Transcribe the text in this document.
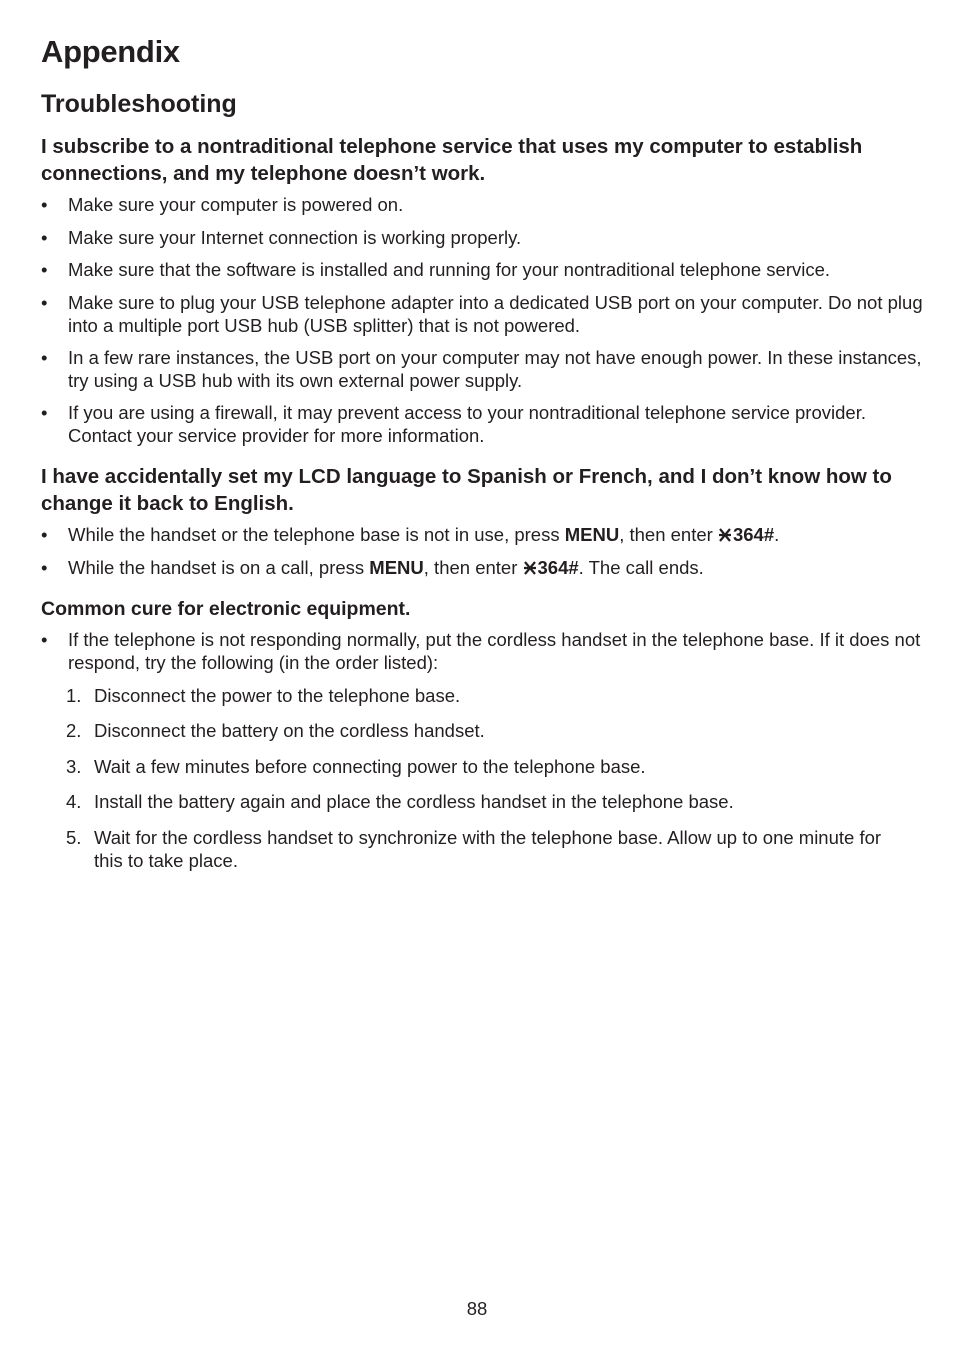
Appendix
Troubleshooting
I subscribe to a nontraditional telephone service that uses my computer to establish connections, and my telephone doesn’t work.
• Make sure your computer is powered on.
• Make sure your Internet connection is working properly.
• Make sure that the software is installed and running for your nontraditional telephone service.
• Make sure to plug your USB telephone adapter into a dedicated USB port on your computer. Do not plug into a multiple port USB hub (USB splitter) that is not powered.
• In a few rare instances, the USB port on your computer may not have enough power. In these instances, try using a USB hub with its own external power supply.
• If you are using a firewall, it may prevent access to your nontraditional telephone service provider. Contact your service provider for more information.
I have accidentally set my LCD language to Spanish or French, and I don’t know how to change it back to English.
• While the handset or the telephone base is not in use, press MENU, then enter
364#.
• While the handset is on a call, press MENU, then enter
364#. The call ends.
Common cure for electronic equipment.
• If the telephone is not responding normally, put the cordless handset in the telephone base. If it does not respond, try the following (in the order listed):
1. Disconnect the power to the telephone base.
2. Disconnect the battery on the cordless handset.
3. Wait a few minutes before connecting power to the telephone base.
4. Install the battery again and place the cordless handset in the telephone base.
5. Wait for the cordless handset to synchronize with the telephone base. Allow up to one minute for this to take place.
88
